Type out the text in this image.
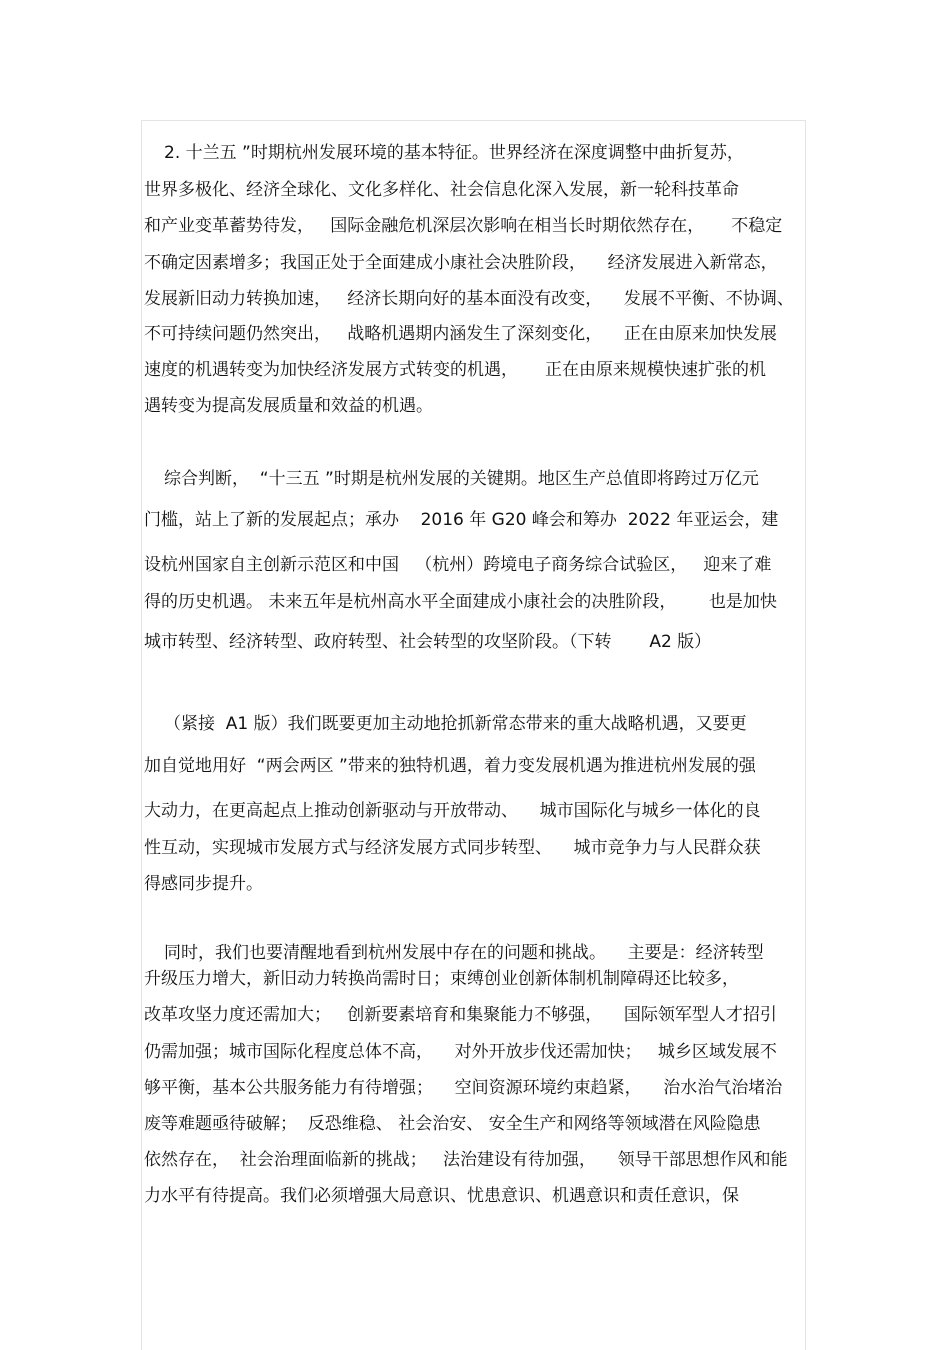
2. 十兰五 ”时期杭州发展环境的基本特征。世界经济在深度调整中曲折复苏，
世界多极化、经济全球化、文化多样化、社会信息化深入发展，新一轮科技革命
和产业变革蓄势待发，   国际金融危机深层次影响在相当长时期依然存在，     不稳定
不确定因素增多；我国正处于全面建成小康社会决胜阶段，    经济发展进入新常态，
发展新旧动力转换加速，   经济长期向好的基本面没有改变，    发展不平衡、不协调、
不可持续问题仍然突出，   战略机遇期内涵发生了深刻变化，    正在由原来加快发展
速度的机遇转变为加快经济发展方式转变的机遇，     正在由原来规模快速扩张的机
遇转变为提高发展质量和效益的机遇。
综合判断，  “十三五 ”时期是杭州发展的关键期。地区生产总值即将跨过万亿元
门槛，站上了新的发展起点；承办    2016 年 G20 峰会和筹办  2022 年亚运会，建
设杭州国家自主创新示范区和中国   （杭州）跨境电子商务综合试验区，   迎来了难
得的历史机遇。 未来五年是杭州高水平全面建成小康社会的决胜阶段，      也是加快
城市转型、经济转型、政府转型、社会转型的攻坚阶段。（下转       A2 版）
（紧接  A1 版）我们既要更加主动地抢抓新常态带来的重大战略机遇，又要更
加自觉地用好  “两会两区 ”带来的独特机遇，着力变发展机遇为推进杭州发展的强
大动力，在更高起点上推动创新驱动与开放带动、    城市国际化与城乡一体化的良
性互动，实现城市发展方式与经济发展方式同步转型、    城市竞争力与人民群众获
得感同步提升。
同时，我们也要清醒地看到杭州发展中存在的问题和挑战。    主要是：经济转型
升级压力增大，新旧动力转换尚需时日；束缚创业创新体制机制障碍还比较多，
改革攻坚力度还需加大；   创新要素培育和集聚能力不够强，    国际领军型人才招引
仍需加强；城市国际化程度总体不高，    对外开放步伐还需加快；   城乡区域发展不
够平衡，基本公共服务能力有待增强；    空间资源环境约束趋紧，    治水治气治堵治
废等难题亟待破解；  反恐维稳、 社会治安、 安全生产和网络等领域潜在风险隐患
依然存在，  社会治理面临新的挑战；   法治建设有待加强，    领导干部思想作风和能
力水平有待提高。我们必须增强大局意识、忧患意识、机遇意识和责任意识，保
